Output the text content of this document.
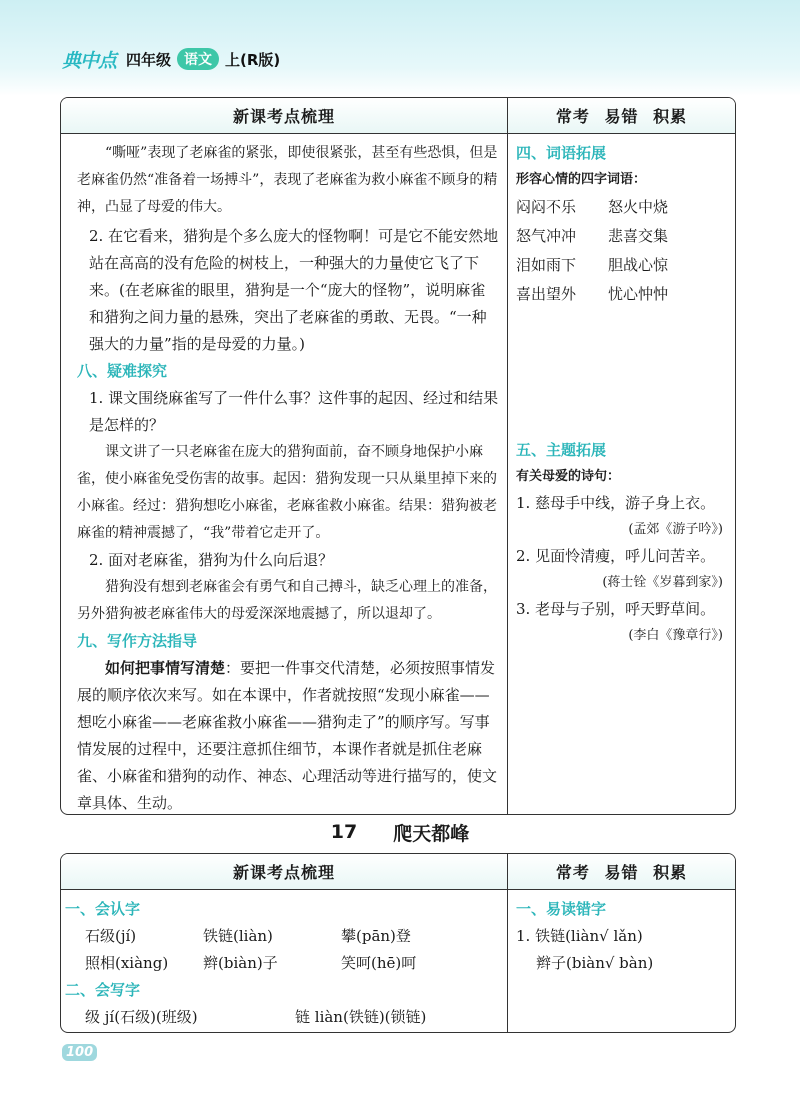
典中点 四年级 语文 上(R版)
新课考点梳理	常考 易错 积累
“嘶哑”表现了老麻雀的紧张，即使很紧张，甚至有些恐惧，但是老麻雀仍然“准备着一场搏斗”，表现了老麻雀为救小麻雀不顾身的精神，凸显了母爱的伟大。
2. 在它看来，猎狗是个多么庞大的怪物啊！可是它不能安然地站在高高的没有危险的树枝上，一种强大的力量使它飞了下来。(在老麻雀的眼里，猎狗是一个“庞大的怪物”，说明麻雀和猎狗之间力量的悬殊，突出了老麻雀的勇敢、无畏。“一种强大的力量”指的是母爱的力量。)
八、疑难探究
1. 课文围绕麻雀写了一件什么事？这件事的起因、经过和结果是怎样的？
课文讲了一只老麻雀在庞大的猎狗面前，奋不顾身地保护小麻雀，使小麻雀免受伤害的故事。起因：猎狗发现一只从巢里掉下来的小麻雀。经过：猎狗想吃小麻雀，老麻雀救小麻雀。结果：猎狗被老麻雀的精神震撼了，“我”带着它走开了。
2. 面对老麻雀，猎狗为什么向后退？
猎狗没有想到老麻雀会有勇气和自己搏斗，缺乏心理上的准备，另外猎狗被老麻雀伟大的母爱深深地震撼了，所以退却了。
九、写作方法指导
如何把事情写清楚：要把一件事交代清楚，必须按照事情发展的顺序依次来写。如在本课中，作者就按照“发现小麻雀——想吃小麻雀——老麻雀救小麻雀——猎狗走了”的顺序写。写事情发展的过程中，还要注意抓住细节，本课作者就是抓住老麻雀、小麻雀和猎狗的动作、神态、心理活动等进行描写的，使文章具体、生动。
四、词语拓展
形容心情的四字词语：
闷闷不乐	怒火中烧
怒气冲冲	悲喜交集
泪如雨下	胆战心惊
喜出望外	忧心忡忡
五、主题拓展
有关母爱的诗句：
1. 慈母手中线，游子身上衣。
(孟郊《游子吟》)
2. 见面怜清瘦，呼儿问苦辛。
(蒋士铨《岁暮到家》)
3. 老母与子别，呼天野草间。
(李白《豫章行》)
17 爬天都峰
新课考点梳理	常考 易错 积累
一、会认字
石级(jí)	铁链(liàn)	攀(pān)登
照相(xiàng)	辫(biàn)子	笑呵(hē)呵
二、会写字
级 jí(石级)(班级)	链 liàn(铁链)(锁链)
一、易读错字
1. 铁链(liàn√ lǎn)
辫子(biàn√ bàn)
100
